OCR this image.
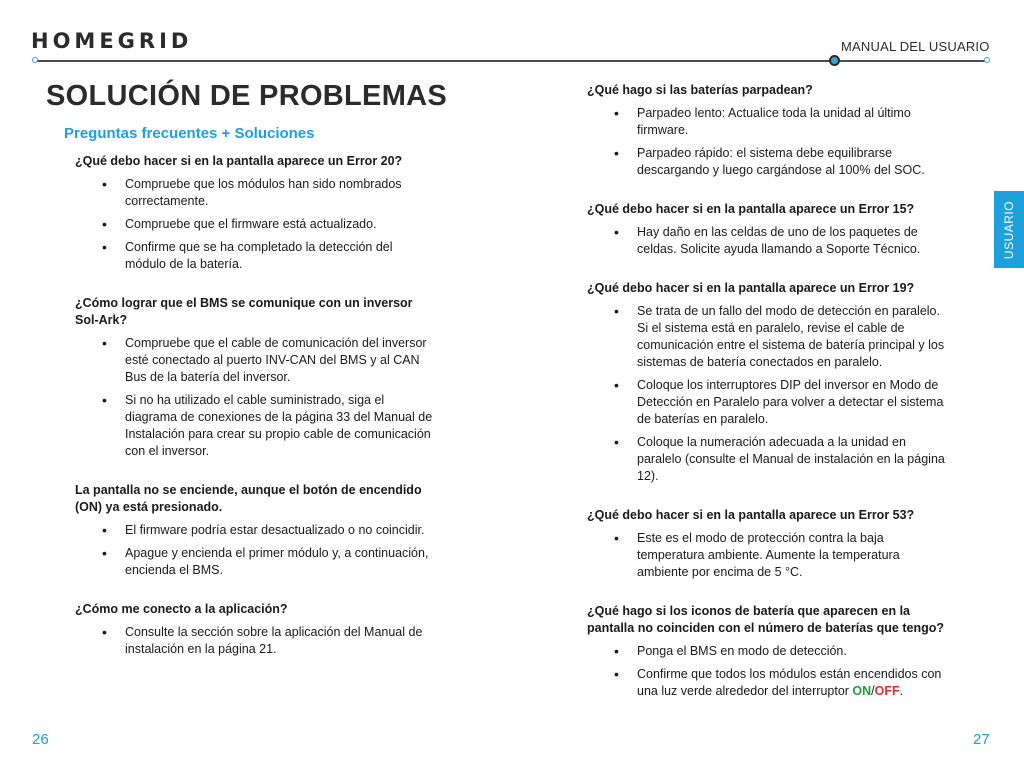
HOMEGRID	MANUAL DEL USUARIO
USUARIO
SOLUCIÓN DE PROBLEMAS
Preguntas frecuentes + Soluciones

¿Qué debo hacer si en la pantalla aparece un Error 20?

• Compruebe que los módulos han sido nombrados correctamente.
• Compruebe que el firmware está actualizado.
• Confirme que se ha completado la detección del módulo de la batería.

¿Cómo lograr que el BMS se comunique con un inversor Sol-Ark?

• Compruebe que el cable de comunicación del inversor esté conectado al puerto INV-CAN del BMS y al CAN Bus de la batería del inversor.
• Si no ha utilizado el cable suministrado, siga el diagrama de conexiones de la página 33 del Manual de Instalación para crear su propio cable de comunicación con el inversor.

La pantalla no se enciende, aunque el botón de encendido (ON) ya está presionado.

• El firmware podría estar desactualizado o no coincidir.
• Apague y encienda el primer módulo y, a continuación, encienda el BMS.

¿Cómo me conecto a la aplicación?

• Consulte la sección sobre la aplicación del Manual de instalación en la página 21.

¿Qué hago si las baterías parpadean?

• Parpadeo lento: Actualice toda la unidad al último firmware.
• Parpadeo rápido: el sistema debe equilibrarse descargando y luego cargándose al 100% del SOC.

¿Qué debo hacer si en la pantalla aparece un Error 15?

• Hay daño en las celdas de uno de los paquetes de celdas. Solicite ayuda llamando a Soporte Técnico.

¿Qué debo hacer si en la pantalla aparece un Error 19?

• Se trata de un fallo del modo de detección en paralelo. Si el sistema está en paralelo, revise el cable de comunicación entre el sistema de batería principal y los sistemas de batería conectados en paralelo.
• Coloque los interruptores DIP del inversor en Modo de Detección en Paralelo para volver a detectar el sistema de baterías en paralelo.
• Coloque la numeración adecuada a la unidad en paralelo (consulte el Manual de instalación en la página 12).

¿Qué debo hacer si en la pantalla aparece un Error 53?

• Este es el modo de protección contra la baja temperatura ambiente. Aumente la temperatura ambiente por encima de 5 °C.

¿Qué hago si los iconos de batería que aparecen en la pantalla no coinciden con el número de baterías que tengo?

• Ponga el BMS en modo de detección.
• Confirme que todos los módulos están encendidos con una luz verde alrededor del interruptor ON/OFF.
26	27
